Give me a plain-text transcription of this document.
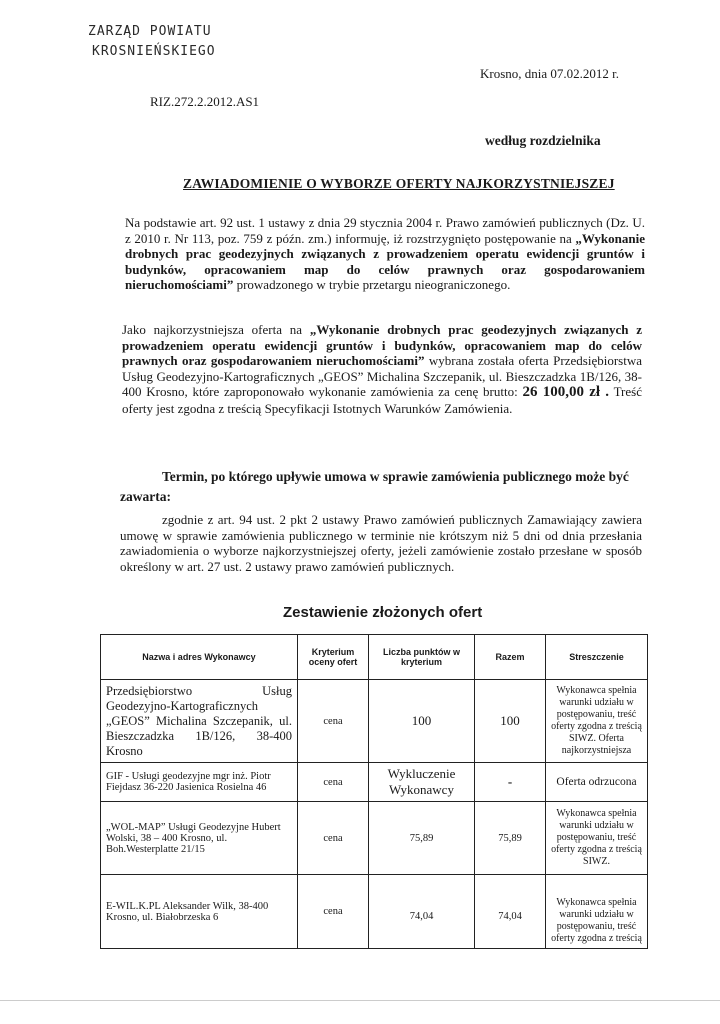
ZARZĄD POWIATU
KROSNIEŃSKIEGO
Krosno, dnia 07.02.2012 r.
RIZ.272.2.2012.AS1
według rozdzielnika
ZAWIADOMIENIE O WYBORZE OFERTY NAJKORZYSTNIEJSZEJ
Na podstawie art. 92 ust. 1 ustawy z dnia 29 stycznia 2004 r. Prawo zamówień publicznych (Dz. U. z 2010 r. Nr 113, poz. 759 z późn. zm.) informuję, iż rozstrzygnięto postępowanie na „Wykonanie drobnych prac geodezyjnych związanych z prowadzeniem operatu ewidencji gruntów i budynków, opracowaniem map do celów prawnych oraz gospodarowaniem nieruchomościami” prowadzonego w trybie przetargu nieograniczonego.
Jako najkorzystniejsza oferta na „Wykonanie drobnych prac geodezyjnych związanych z prowadzeniem operatu ewidencji gruntów i budynków, opracowaniem map do celów prawnych oraz gospodarowaniem nieruchomościami” wybrana została oferta Przedsiębiorstwa Usług Geodezyjno-Kartograficznych „GEOS” Michalina Szczepanik, ul. Bieszczadzka 1B/126, 38-400 Krosno, które zaproponowało wykonanie zamówienia za cenę brutto: 26 100,00 zł . Treść oferty jest zgodna z treścią Specyfikacji Istotnych Warunków Zamówienia.
Termin, po którego upływie umowa w sprawie zamówienia publicznego może być zawarta:
zgodnie z art. 94 ust. 2 pkt 2 ustawy Prawo zamówień publicznych Zamawiający zawiera umowę w sprawie zamówienia publicznego w terminie nie krótszym niż 5 dni od dnia przesłania zawiadomienia o wyborze najkorzystniejszej oferty, jeżeli zamówienie zostało przesłane w sposób określony w art. 27 ust. 2 ustawy prawo zamówień publicznych.
Zestawienie złożonych ofert
Nazwa i adres Wykonawcy	Kryterium oceny ofert	Liczba punktów w kryterium	Razem	Streszczenie
Przedsiębiorstwo Usług Geodezyjno-Kartograficznych „GEOS” Michalina Szczepanik, ul. Bieszczadzka 1B/126, 38-400 Krosno	cena	100	100	Wykonawca spełnia warunki udziału w postępowaniu, treść oferty zgodna z treścią SIWZ. Oferta najkorzystniejsza
GIF - Usługi geodezyjne mgr inż. Piotr Fiejdasz 36-220 Jasienica Rosielna 46	cena	Wykluczenie Wykonawcy	-	Oferta odrzucona
„WOL-MAP” Usługi Geodezyjne Hubert Wolski, 38 – 400 Krosno, ul. Boh.Westerplatte 21/15	cena	75,89	75,89	Wykonawca spełnia warunki udziału w postępowaniu, treść oferty zgodna z treścią SIWZ.
E-WIL.K.PL Aleksander Wilk, 38-400 Krosno, ul. Białobrzeska 6	cena	74,04	74,04	Wykonawca spełnia warunki udziału w postępowaniu, treść oferty zgodna z treścią
